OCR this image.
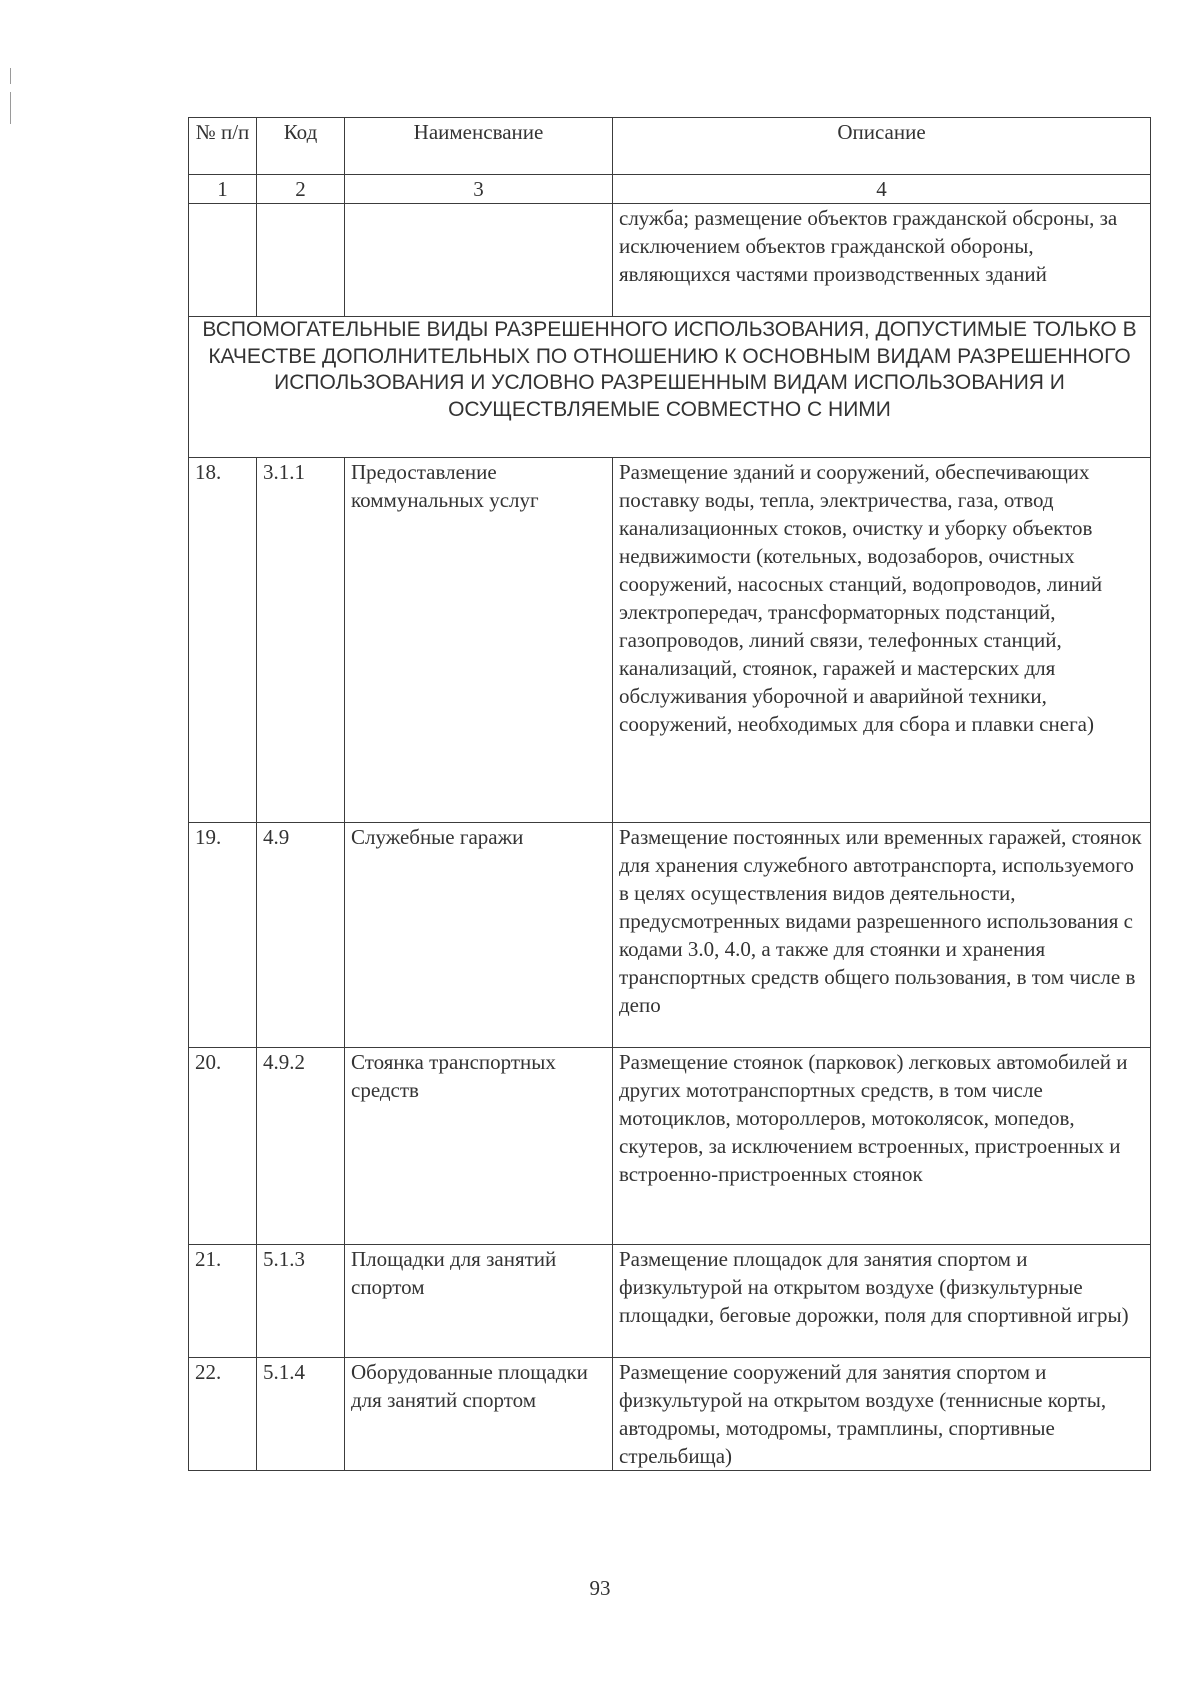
№ п/п	Код	Наименсвание	Описание
1	2	3	4
			служба; размещение объектов гражданской обсроны, за исключением объектов гражданской обороны, являющихся частями производственных зданий
ВСПОМОГАТЕЛЬНЫЕ ВИДЫ РАЗРЕШЕННОГО ИСПОЛЬЗОВАНИЯ, ДОПУСТИМЫЕ ТОЛЬКО В КАЧЕСТВЕ ДОПОЛНИТЕЛЬНЫХ ПО ОТНОШЕНИЮ К ОСНОВНЫМ ВИДАМ РАЗРЕШЕННОГО ИСПОЛЬЗОВАНИЯ И УСЛОВНО РАЗРЕШЕННЫМ ВИДАМ ИСПОЛЬЗОВАНИЯ И ОСУЩЕСТВЛЯЕМЫЕ СОВМЕСТНО С НИМИ			
18.	3.1.1	Предоставление коммунальных услуг	Размещение зданий и сооружений, обеспечивающих поставку воды, тепла, электричества, газа, отвод канализационных стоков, очистку и уборку объектов недвижимости (котельных, водозаборов, очистных сооружений, насосных станций, водопроводов, линий электропередач, трансформаторных подстанций, газопроводов, линий связи, телефонных станций, канализаций, стоянок, гаражей и мастерских для обслуживания уборочной и аварийной техники, сооружений, необходимых для сбора и плавки снега)
19.	4.9	Служебные гаражи	Размещение постоянных или временных гаражей, стоянок для хранения служебного автотранспорта, используемого в целях осуществления видов деятельности, предусмотренных видами разрешенного использования с кодами 3.0, 4.0, а также для стоянки и хранения транспортных средств общего пользования, в том числе в депо
20.	4.9.2	Стоянка транспортных средств	Размещение стоянок (парковок) легковых автомобилей и других мототранспортных средств, в том числе мотоциклов, мотороллеров, мотоколясок, мопедов, скутеров, за исключением встроенных, пристроенных и встроенно-пристроенных стоянок
21.	5.1.3	Площадки для занятий спортом	Размещение площадок для занятия спортом и физкультурой на открытом воздухе (физкультурные площадки, беговые дорожки, поля для спортивной игры)
22.	5.1.4	Оборудованные площадки для занятий спортом	Размещение сооружений для занятия спортом и физкультурой на открытом воздухе (теннисные корты, автодромы, мотодромы, трамплины, спортивные стрельбища)
93
